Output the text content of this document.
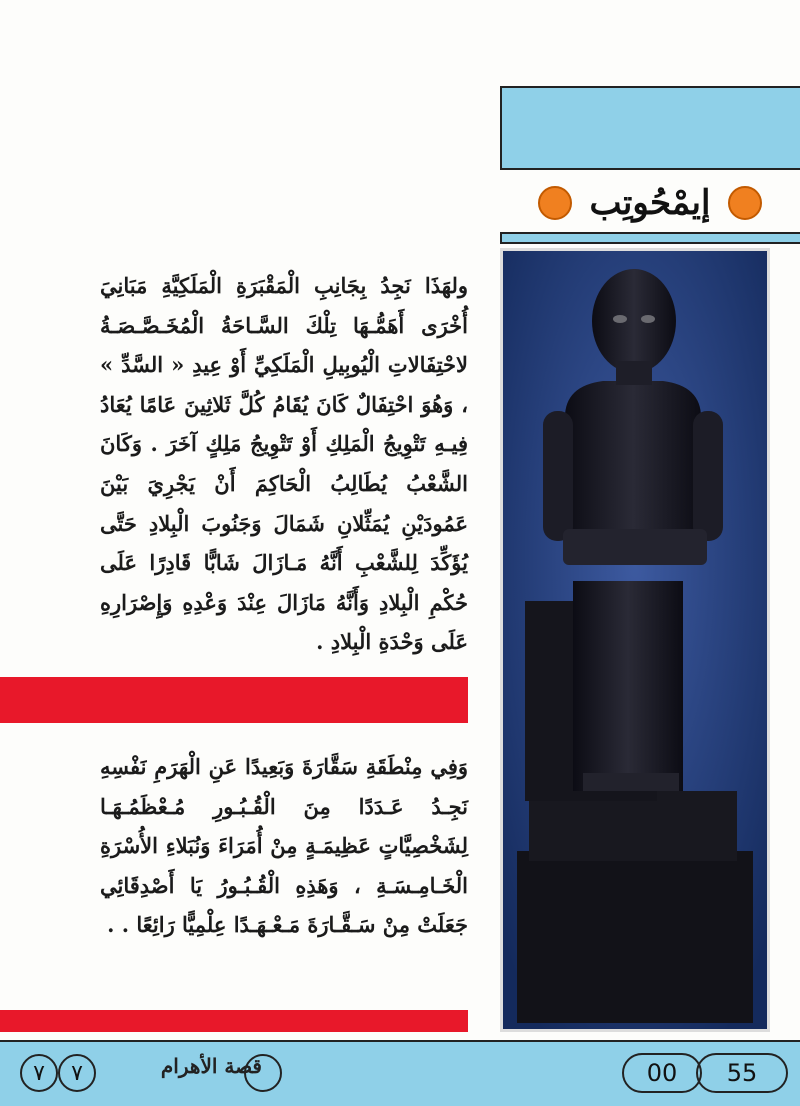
إيمْحُوتِب
ولهَذَا نَجِدُ بِجَانِبِ الْمَقْبَرَةِ الْمَلَكِيَّةِ مَبَانِيَ أُخْرَى أَهَمُّـهَا تِلْكَ السَّـاحَةُ الْمُخَـصَّـصَـةُ لاحْتِفَالاتِ الْيُوبِيلِ الْمَلَكِيِّ أَوْ عِيدِ « السَّدِّ » ، وَهُوَ احْتِفَالٌ كَانَ يُقَامُ كُلَّ ثَلاثِينَ عَامًا يُعَادُ فِيـهِ تَتْوِيجُ الْمَلِكِ أَوْ تَتْوِيجُ مَلِكٍ آخَرَ . وَكَانَ الشَّعْبُ يُطَالِبُ الْحَاكِمَ أَنْ يَجْرِيَ بَيْنَ عَمُودَيْنِ يُمَثِّلانِ شَمَالَ وَجَنُوبَ الْبِلادِ حَتَّى يُؤَكِّدَ لِلشَّعْبِ أَنَّهُ مَـازَالَ شَابًّا قَادِرًا عَلَى حُكْمِ الْبِلادِ وَأَنَّهُ مَازَالَ عِنْدَ وَعْدِهِ وَإِصْرَارِهِ عَلَى وَحْدَةِ الْبِلادِ .
وَفِي مِنْطَقَةِ سَقَّارَةَ وَبَعِيدًا عَنِ الْهَرَمِ نَفْسِهِ نَجِـدُ عَـدَدًا مِنَ الْقُـبُـورِ مُـعْظَمُـهَـا لِشَخْصِيَّاتٍ عَظِيمَـةٍ مِنْ أُمَرَاءَ وَنُبَلاءِ الأُسْرَةِ الْخَـامِـسَـةِ ، وَهَذِهِ الْقُـبُـورُ يَا أَصْدِقَائِي جَعَلَتْ مِنْ سَـقَّـارَةَ مَـعْـهَـدًا عِلْمِيًّا رَائِعًا . .
55
00
قصة الأهرام
٧
٧
